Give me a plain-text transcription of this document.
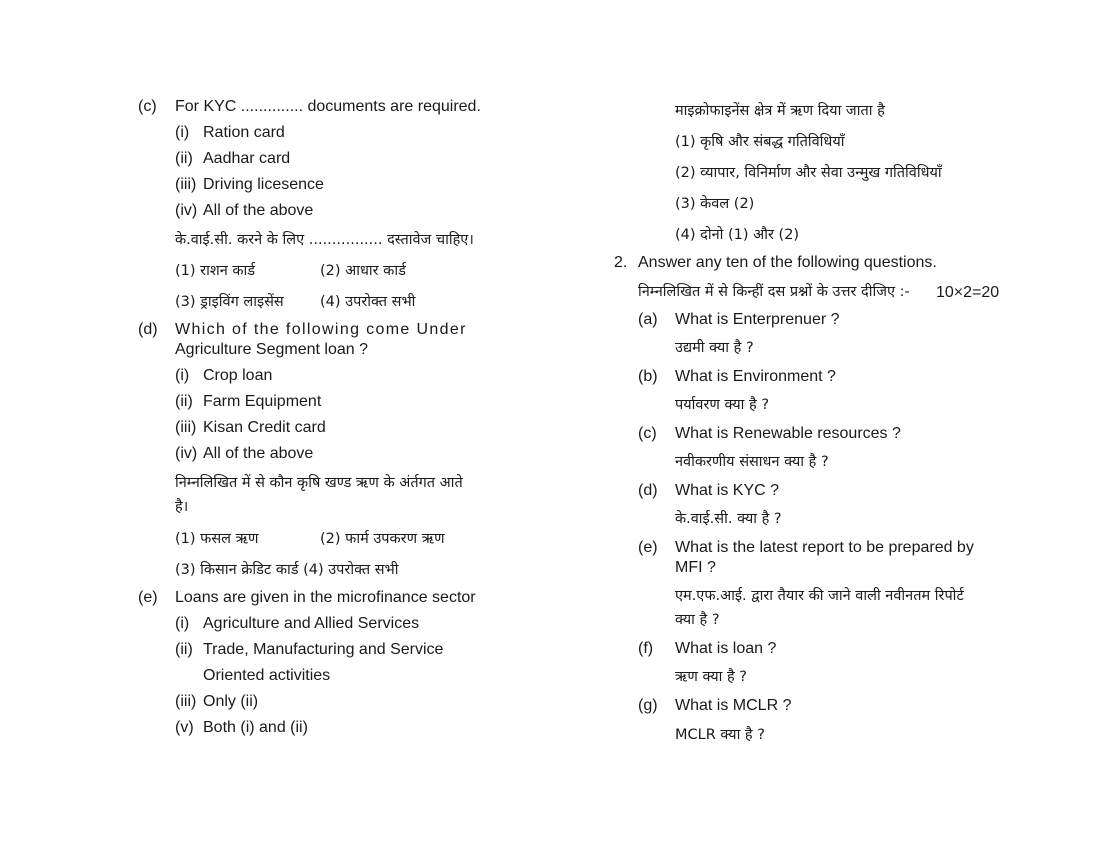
(c) For KYC .............. documents are required.
(i) Ration card
(ii) Aadhar card
(iii) Driving licesence
(iv) All of the above
के.वाई.सी. करने के लिए ................ दस्तावेज चाहिए।
(1) राशन कार्ड	(2) आधार कार्ड
(3) ड्राइविंग लाइसेंस	(4) उपरोक्त सभी
(d) Which of the following come Under
Agriculture Segment loan ?
(i) Crop loan
(ii) Farm Equipment
(iii) Kisan Credit card
(iv) All of the above
निम्नलिखित में से कौन कृषि खण्ड ऋण के अंर्तगत आते
है।
(1) फसल ऋण	(2) फार्म उपकरण ऋण
(3) किसान क्रेडिट कार्ड (4) उपरोक्त सभी
(e) Loans are given in the microfinance sector
(i) Agriculture and Allied Services
(ii) Trade, Manufacturing and Service
Oriented activities
(iii) Only (ii)
(v) Both (i) and (ii)
माइक्रोफाइनेंस क्षेत्र में ऋण दिया जाता है
(1) कृषि और संबद्ध गतिविधियाँ
(2) व्यापार, विनिर्माण और सेवा उन्मुख गतिविधियाँ
(3) केवल (2)
(4) दोनो (1) और (2)
2. Answer any ten of the following questions.
निम्नलिखित में से किन्हीं दस प्रश्नों के उत्तर दीजिए :- 10×2=20
(a) What is Enterprenuer ?
उद्यमी क्या है ?
(b) What is Environment ?
पर्यावरण क्या है ?
(c) What is Renewable resources ?
नवीकरणीय संसाधन क्या है ?
(d) What is KYC ?
के.वाई.सी. क्या है ?
(e) What is the latest report to be prepared by
MFI ?
एम.एफ.आई. द्वारा तैयार की जाने वाली नवीनतम रिपोर्ट
क्या है ?
(f) What is loan ?
ऋण क्या है ?
(g) What is MCLR ?
MCLR क्या है ?
